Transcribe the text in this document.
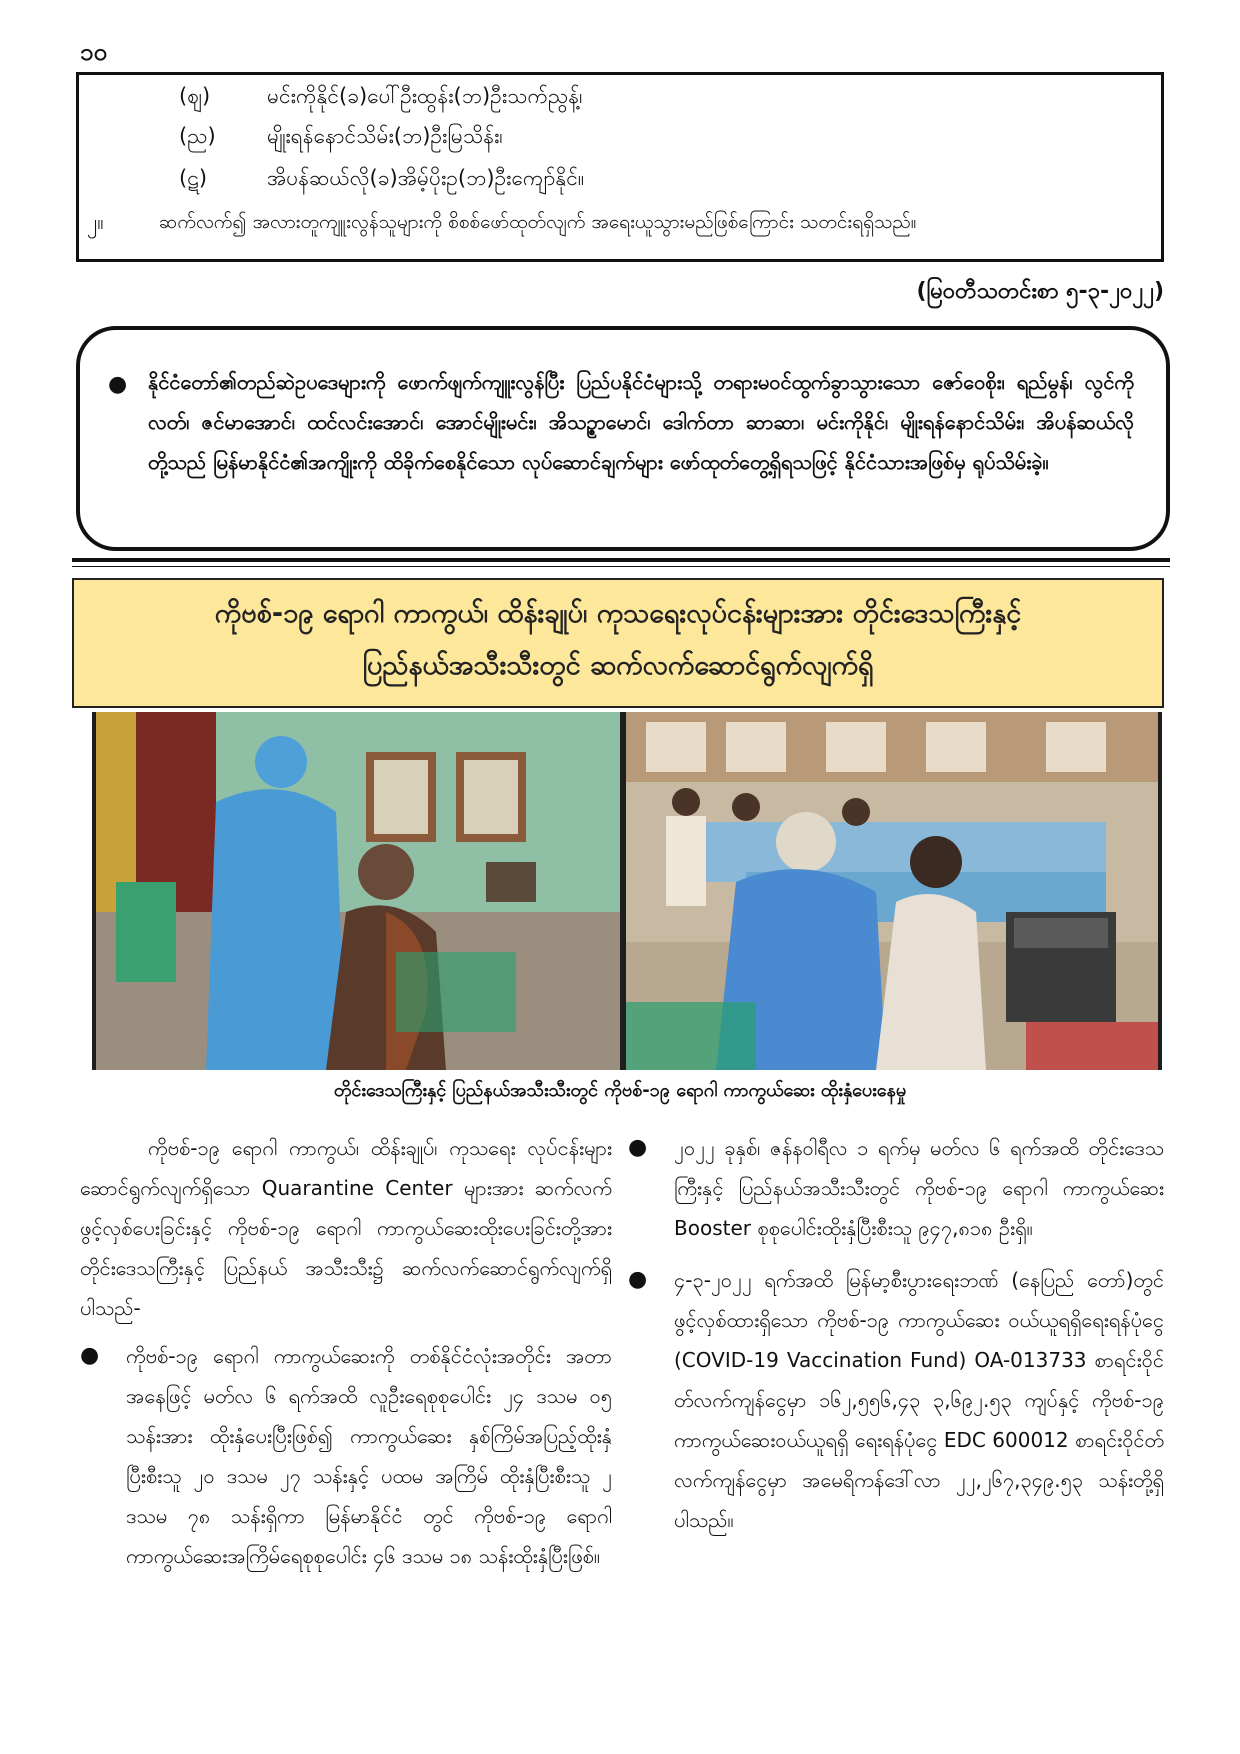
၁၀
(ဈ)	မင်းကိုနိုင်(ခ)ပေါ်ဦးထွန်း(ဘ)ဦးသက်ညွန့်၊
(ည) မျိုးရန်နောင်သိမ်း(ဘ)ဦးမြသိန်း၊
(ဋ)	အိပန်ဆယ်လို(ခ)အိမ့်ပိုးဥ(ဘ)ဦးကျော်နိုင်။
၂။	ဆက်လက်၍ အလားတူကျူးလွန်သူများကို စိစစ်ဖော်ထုတ်လျက် အရေးယူသွားမည်ဖြစ်ကြောင်း သတင်းရရှိသည်။
(မြဝတီသတင်းစာ ၅-၃-၂၀၂၂)
● နိုင်ငံတော်၏တည်ဆဲဥပဒေများကို ဖောက်ဖျက်ကျူးလွန်ပြီး ပြည်ပနိုင်ငံများသို့ တရားမဝင်ထွက်ခွာသွားသော ဇော်ဝေစိုး၊ ရည်မွန်၊ လွင်ကိုလတ်၊ ဇင်မာအောင်၊ ထင်လင်းအောင်၊ အောင်မျိုးမင်း၊ အိသဉ္စာမောင်၊ ဒေါက်တာ ဆာဆာ၊ မင်းကိုနိုင်၊ မျိုးရန်နောင်သိမ်း၊ အိပန်ဆယ်လိုတို့သည် မြန်မာနိုင်ငံ၏အကျိုးကို ထိခိုက်စေနိုင်သော လုပ်ဆောင်ချက်များ ဖော်ထုတ်တွေ့ရှိရသဖြင့် နိုင်ငံသားအဖြစ်မှ ရုပ်သိမ်းခဲ့။
ကိုဗစ်-၁၉ ရောဂါ ကာကွယ်၊ ထိန်းချုပ်၊ ကုသရေးလုပ်ငန်းများအား တိုင်းဒေသကြီးနှင့်
ပြည်နယ်အသီးသီးတွင် ဆက်လက်ဆောင်ရွက်လျက်ရှိ
တိုင်းဒေသကြီးနှင့် ပြည်နယ်အသီးသီးတွင် ကိုဗစ်-၁၉ ရောဂါ ကာကွယ်ဆေး ထိုးနှံပေးနေမှု

ကိုဗစ်-၁၉ ရောဂါ ကာကွယ်၊ ထိန်းချုပ်၊ ကုသရေး လုပ်ငန်းများ ဆောင်ရွက်လျက်ရှိသော Quarantine Center များအား ဆက်လက်ဖွင့်လှစ်ပေးခြင်းနှင့် ကိုဗစ်-၁၉ ရောဂါ ကာကွယ်ဆေးထိုးပေးခြင်းတို့အား တိုင်းဒေသကြီးနှင့် ပြည်နယ် အသီးသီး၌ ဆက်လက်ဆောင်ရွက်လျက်ရှိပါသည်-

● ကိုဗစ်-၁၉ ရောဂါ ကာကွယ်ဆေးကို တစ်နိုင်ငံလုံးအတိုင်း အတာအနေဖြင့် မတ်လ ၆ ရက်အထိ လူဦးရေစုစုပေါင်း ၂၄ ဒသမ ၀၅ သန်းအား ထိုးနှံပေးပြီးဖြစ်၍ ကာကွယ်ဆေး နှစ်ကြိမ်အပြည့်ထိုးနှံပြီးစီးသူ ၂၀ ဒသမ ၂၇ သန်းနှင့် ပထမ အကြိမ် ထိုးနှံပြီးစီးသူ ၂ ဒသမ ၇၈ သန်းရှိကာ မြန်မာနိုင်ငံ တွင် ကိုဗစ်-၁၉ ရောဂါ ကာကွယ်ဆေးအကြိမ်ရေစုစုပေါင်း ၄၆ ဒသမ ၁၈ သန်းထိုးနှံပြီးဖြစ်။

● ၂၀၂၂ ခုနှစ်၊ ဇန်နဝါရီလ ၁ ရက်မှ မတ်လ ၆ ရက်အထိ တိုင်းဒေသကြီးနှင့် ပြည်နယ်အသီးသီးတွင် ကိုဗစ်-၁၉ ရောဂါ ကာကွယ်ဆေး Booster စုစုပေါင်းထိုးနှံပြီးစီးသူ ၉၄၇,၈၁၈ ဦးရှိ။

● ၄-၃-၂၀၂၂ ရက်အထိ မြန်မာ့စီးပွားရေးဘဏ် (နေပြည် တော်)တွင် ဖွင့်လှစ်ထားရှိသော ကိုဗစ်-၁၉ ကာကွယ်ဆေး ဝယ်ယူရရှိရေးရန်ပုံငွေ (COVID-19 Vaccination Fund) OA-013733 စာရင်းဝိုင်တ်လက်ကျန်ငွေမှာ ၁၆၂,၅၅၆,၄၃ ၃,၆၉၂.၅၃ ကျပ်နှင့် ကိုဗစ်-၁၉ ကာကွယ်ဆေးဝယ်ယူရရှိ ရေးရန်ပုံငွေ EDC 600012 စာရင်းဝိုင်တ်လက်ကျန်ငွေမှာ အမေရိကန်ဒေါ်လာ ၂၂,၂၆၇,၃၄၉.၅၃ သန်းတို့ရှိပါသည်။
